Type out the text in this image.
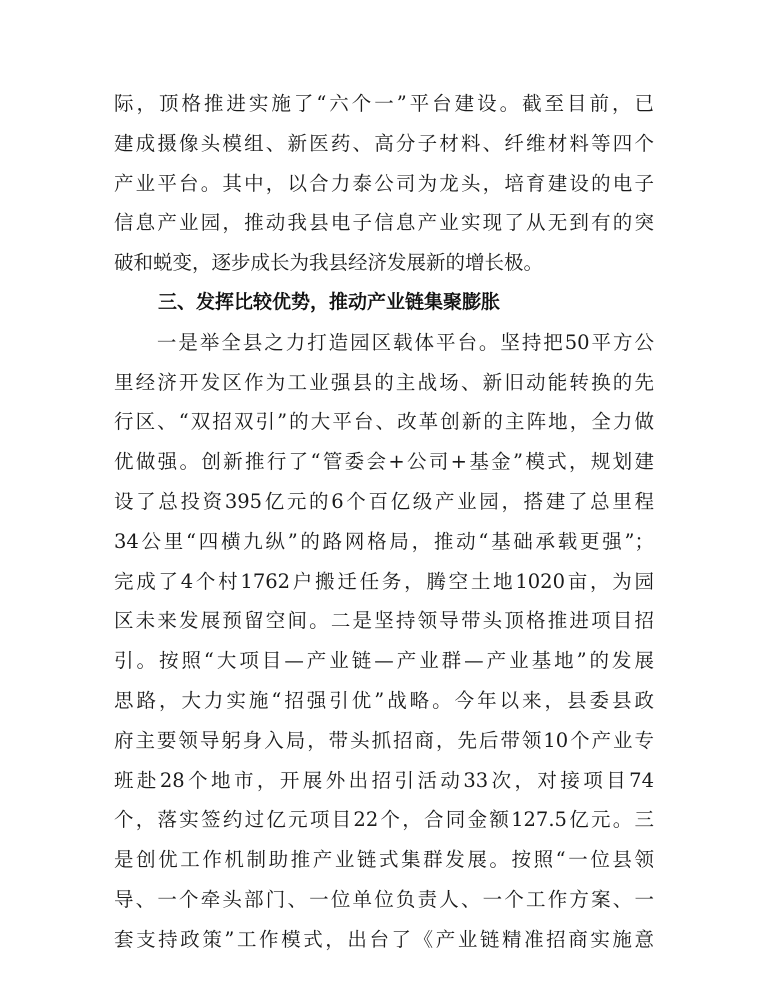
际，顶格推进实施了“六个一”平台建设。截至目前，已
建成摄像头模组、新医药、高分子材料、纤维材料等四个
产业平台。其中，以合力泰公司为龙头，培育建设的电子
信息产业园，推动我县电子信息产业实现了从无到有的突
破和蜕变，逐步成长为我县经济发展新的增长极。
三、发挥比较优势，推动产业链集聚膨胀
　　一是举全县之力打造园区载体平台。坚持把50平方公
里经济开发区作为工业强县的主战场、新旧动能转换的先
行区、“双招双引”的大平台、改革创新的主阵地，全力做
优做强。创新推行了“管委会+公司+基金”模式，规划建
设了总投资395亿元的6个百亿级产业园，搭建了总里程
34公里“四横九纵”的路网格局，推动“基础承载更强”；
完成了4个村1762户搬迁任务，腾空土地1020亩，为园
区未来发展预留空间。二是坚持领导带头顶格推进项目招
引。按照“大项目—产业链—产业群—产业基地”的发展
思路，大力实施“招强引优”战略。今年以来，县委县政
府主要领导躬身入局，带头抓招商，先后带领10个产业专
班赴28个地市，开展外出招引活动33次，对接项目74
个，落实签约过亿元项目22个，合同金额127.5亿元。三
是创优工作机制助推产业链式集群发展。按照“一位县领
导、一个牵头部门、一位单位负责人、一个工作方案、一
套支持政策”工作模式，出台了《产业链精准招商实施意
